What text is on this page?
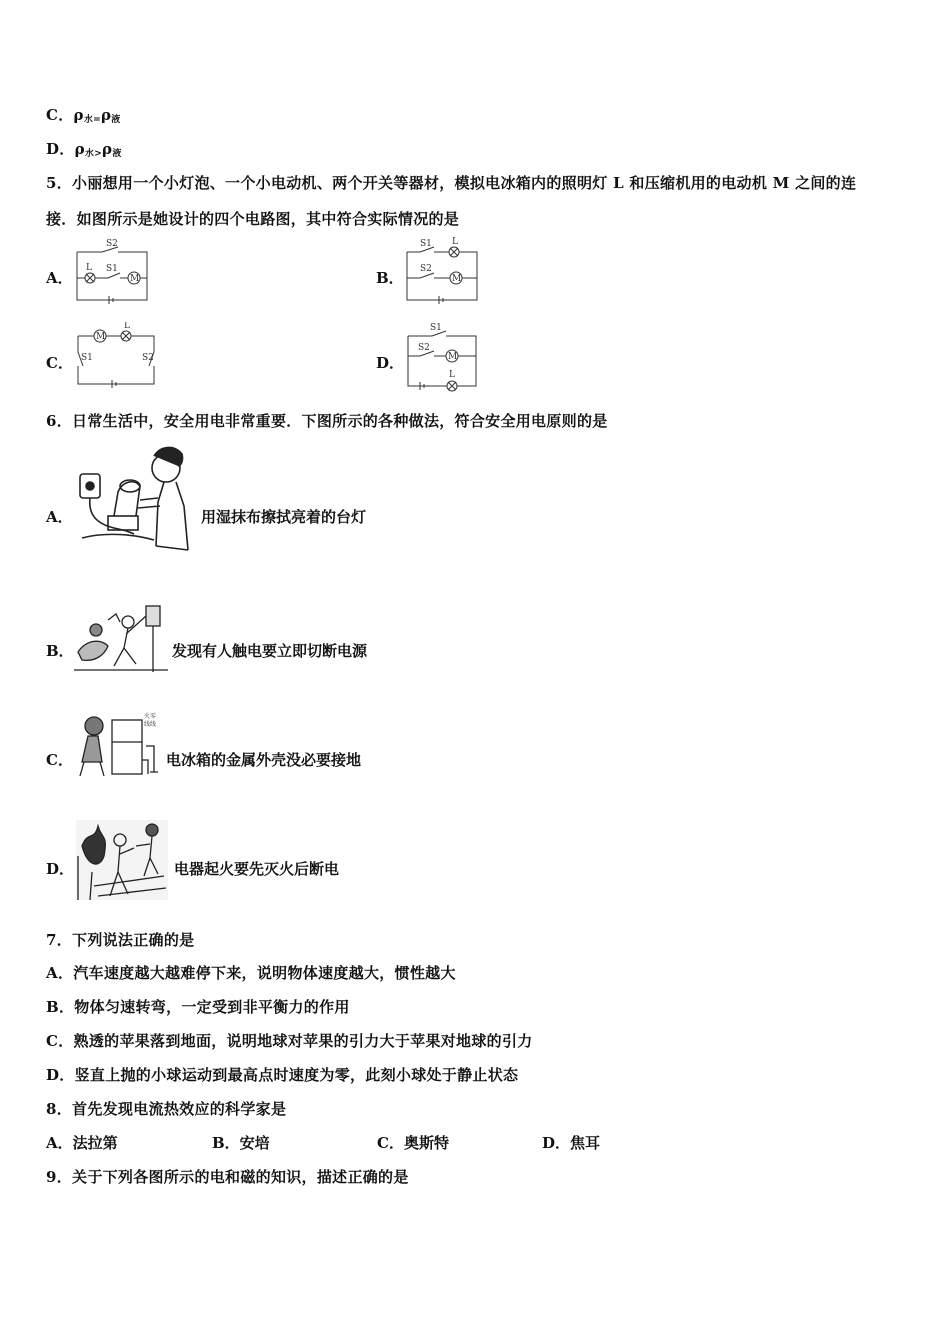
C．ρ水=ρ液
D．ρ水>ρ液
5．小丽想用一个小灯泡、一个小电动机、两个开关等器材，模拟电冰箱内的照明灯 L 和压缩机用的电动机 M 之间的连
接．如图所示是她设计的四个电路图，其中符合实际情况的是
A．
S2
L S1
M	B．
S1 L
S2
M
C．
M
L
S1	S2	D．
S1
S2
M
L
6．日常生活中，安全用电非常重要．下图所示的各种做法，符合安全用电原则的是
A．	用湿抹布擦拭亮着的台灯
B．	发现有人触电要立即切断电源
C．
火零
线线
电冰箱的金属外壳没必要接地
D．	电器起火要先灭火后断电
7．下列说法正确的是
A．汽车速度越大越难停下来，说明物体速度越大，惯性越大
B．物体匀速转弯，一定受到非平衡力的作用
C．熟透的苹果落到地面，说明地球对苹果的引力大于苹果对地球的引力
D．竖直上抛的小球运动到最高点时速度为零，此刻小球处于静止状态
8．首先发现电流热效应的科学家是
A．法拉第	B．安培	C．奥斯特	D．焦耳
9．关于下列各图所示的电和磁的知识，描述正确的是
